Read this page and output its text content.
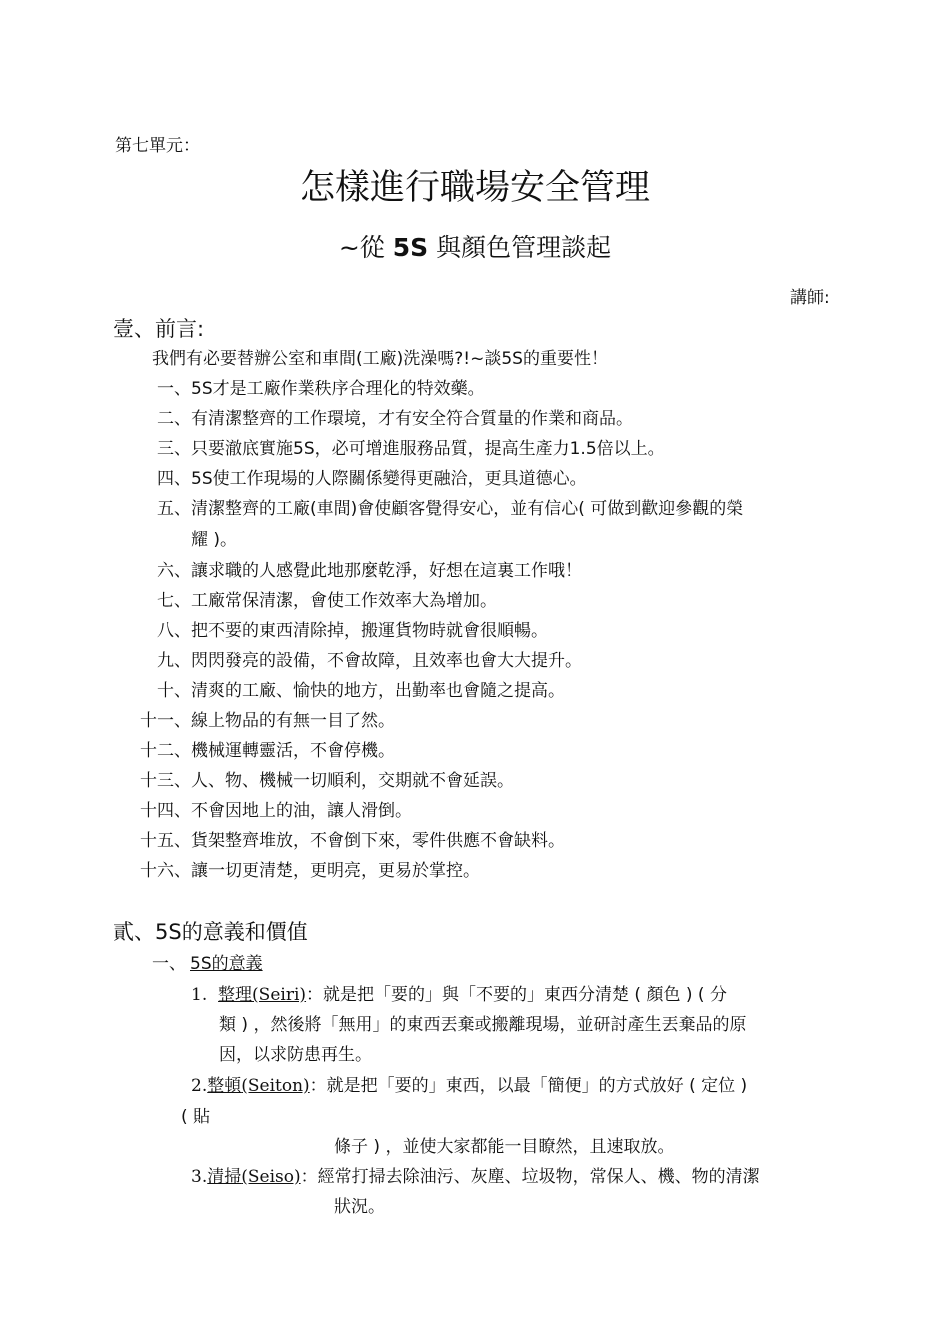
第七單元：
怎樣進行職場安全管理
~從 5S 與顏色管理談起
講師:
壹、前言:
我們有必要替辦公室和車間(工廠)洗澡嗎?!~談5S的重要性！
一、 5S才是工廠作業秩序合理化的特效藥。
二、 有清潔整齊的工作環境，才有安全符合質量的作業和商品。
三、 只要澈底實施5S，必可增進服務品質，提高生產力1.5倍以上。
四、 5S使工作現場的人際關係變得更融洽，更具道德心。
五、 清潔整齊的工廠(車間)會使顧客覺得安心，並有信心( 可做到歡迎參觀的榮
耀 )。
六、 讓求職的人感覺此地那麼乾淨，好想在這裏工作哦！
七、 工廠常保清潔，會使工作效率大為增加。
八、 把不要的東西清除掉，搬運貨物時就會很順暢。
九、 閃閃發亮的設備，不會故障，且效率也會大大提升。
十、 清爽的工廠、愉快的地方，出勤率也會隨之提高。
十一、 線上物品的有無一目了然。
十二、 機械運轉靈活，不會停機。
十三、 人、物、機械一切順利，交期就不會延誤。
十四、 不會因地上的油，讓人滑倒。
十五、 貨架整齊堆放，不會倒下來，零件供應不會缺料。
十六、 讓一切更清楚，更明亮，更易於掌控。
貳、5S的意義和價值
一、 5S的意義
1. 整理(Seiri)：就是把「要的」與「不要的」東西分清楚 ( 顏色 ) ( 分
類 ) ，然後將「無用」的東西丟棄或搬離現場，並研討產生丟棄品的原
因，以求防患再生。
2.整頓(Seiton)：就是把「要的」東西，以最「簡便」的方式放好 ( 定位 )
( 貼
條子 ) ，並使大家都能一目瞭然，且速取放。
3.清掃(Seiso)：經常打掃去除油污、灰塵、垃圾物，常保人、機、物的清潔
狀況。
